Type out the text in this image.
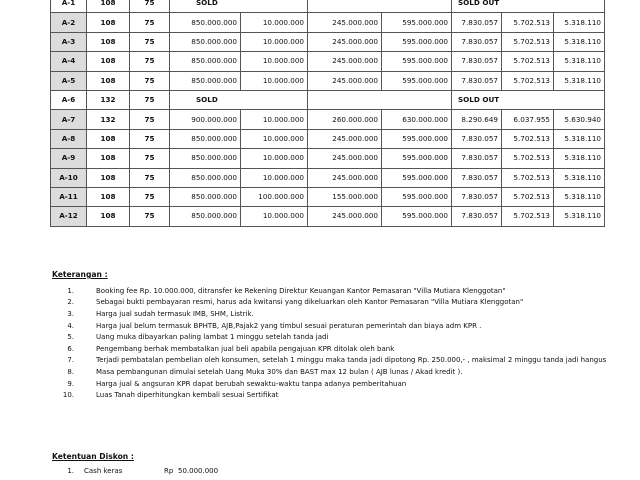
A-1	108	75	SOLD				SOLD OUT		
A-2	108	75	850.000.000	10.000.000	245.000.000	595.000.000	7.830.057	5.702.513	5.318.110
A-3	108	75	850.000.000	10.000.000	245.000.000	595.000.000	7.830.057	5.702.513	5.318.110
A-4	108	75	850.000.000	10.000.000	245.000.000	595.000.000	7.830.057	5.702.513	5.318.110
A-5	108	75	850.000.000	10.000.000	245.000.000	595.000.000	7.830.057	5.702.513	5.318.110
A-6	132	75	SOLD				SOLD OUT		
A-7	132	75	900.000.000	10.000.000	260.000.000	630.000.000	8.290.649	6.037.955	5.630.940
A-8	108	75	850.000.000	10.000.000	245.000.000	595.000.000	7.830.057	5.702.513	5.318.110
A-9	108	75	850.000.000	10.000.000	245.000.000	595.000.000	7.830.057	5.702.513	5.318.110
A-10	108	75	850.000.000	10.000.000	245.000.000	595.000.000	7.830.057	5.702.513	5.318.110
A-11	108	75	850.000.000	100.000.000	155.000.000	595.000.000	7.830.057	5.702.513	5.318.110
A-12	108	75	850.000.000	10.000.000	245.000.000	595.000.000	7.830.057	5.702.513	5.318.110
Keterangan :
1.	Booking fee Rp. 10.000.000, ditransfer ke Rekening Direktur Keuangan Kantor Pemasaran "Villa Mutiara Klenggotan"
2.	Sebagai bukti pembayaran resmi, harus ada kwitansi yang dikeluarkan oleh Kantor Pemasaran "Villa Mutiara Klenggotan"
3.	Harga jual sudah termasuk IMB, SHM, Listrik.
4.	Harga jual belum termasuk BPHTB, AJB,Pajak2 yang timbul sesuai peraturan pemerintah dan biaya adm KPR .
5.	Uang muka dibayarkan paling lambat 1 minggu setelah tanda jadi
6.	Pengembang berhak membatalkan jual beli apabila pengajuan KPR ditolak oleh bank
7.	Terjadi pembatalan pembelian oleh konsumen, setelah 1 minggu maka tanda jadi dipotong Rp. 250.000,- , maksimal 2 minggu tanda jadi hangus
8.	Masa pembangunan dimulai setelah Uang Muka 30% dan BAST max 12 bulan ( AJB lunas / Akad kredit ).
9.	Harga jual & angsuran KPR dapat berubah sewaktu-waktu tanpa adanya pemberitahuan
10.	Luas Tanah diperhitungkan kembali sesuai Sertifikat
Ketentuan Diskon :
1. Cash keras	Rp 50.000.000
